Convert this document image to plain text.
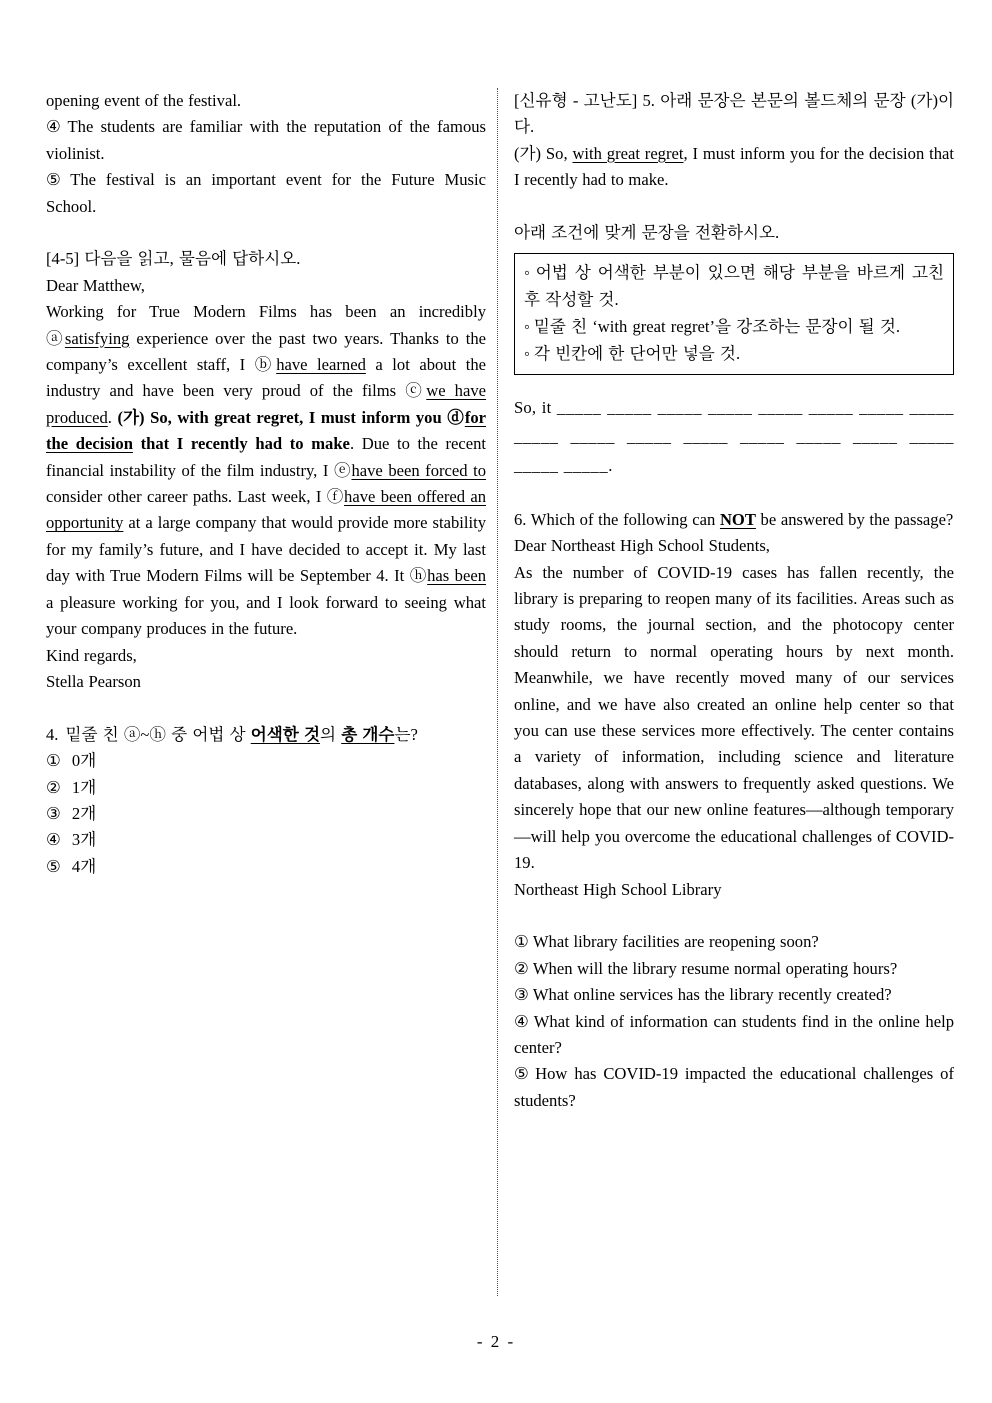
opening event of the festival.

④ The students are familiar with the reputation of the famous violinist.

⑤ The festival is an important event for the Future Music School.

[4-5] 다음을 읽고, 물음에 답하시오.

Dear Matthew,

Working for True Modern Films has been an incredibly ⓐsatisfying experience over the past two years. Thanks to the company’s excellent staff, I ⓑhave learned a lot about the industry and have been very proud of the films ⓒwe have produced. (가) So, with great regret, I must inform you ⓓfor the decision that I recently had to make. Due to the recent financial instability of the film industry, I ⓔhave been forced to consider other career paths. Last week, I ⓕhave been offered an opportunity at a large company that would provide more stability for my family’s future, and I have decided to accept it. My last day with True Modern Films will be September 4. It ⓗhas been a pleasure working for you, and I look forward to seeing what your company produces in the future.

Kind regards,

Stella Pearson

4. 밑줄 친 ⓐ~ⓗ 중 어법 상 어색한 것의 총 개수는?

① 0개

② 1개

③ 2개

④ 3개

⑤ 4개

[신유형 - 고난도] 5. 아래 문장은 본문의 볼드체의 문장 (가)이다.

(가) So, with great regret, I must inform you for the decision that I recently had to make.

아래 조건에 맞게 문장을 전환하시오.

◦ 어법 상 어색한 부분이 있으면 해당 부분을 바르게 고친 후 작성할 것.

◦ 밑줄 친 ‘with great regret’을 강조하는 문장이 될 것.

◦ 각 빈칸에 한 단어만 넣을 것.

So, it _____ _____ _____ _____ _____ _____ _____ _____ _____ _____ _____ _____ _____ _____ _____ _____ _____ _____.

6. Which of the following can NOT be answered by the passage?

Dear Northeast High School Students,

As the number of COVID-19 cases has fallen recently, the library is preparing to reopen many of its facilities. Areas such as study rooms, the journal section, and the photocopy center should return to normal operating hours by next month. Meanwhile, we have recently moved many of our services online, and we have also created an online help center so that you can use these services more effectively. The center contains a variety of information, including science and literature databases, along with answers to frequently asked questions. We sincerely hope that our new online features—although temporary—will help you overcome the educational challenges of COVID-19.

Northeast High School Library

① What library facilities are reopening soon?

② When will the library resume normal operating hours?

③ What online services has the library recently created?

④ What kind of information can students find in the online help center?

⑤ How has COVID-19 impacted the educational challenges of students?

- 2 -
